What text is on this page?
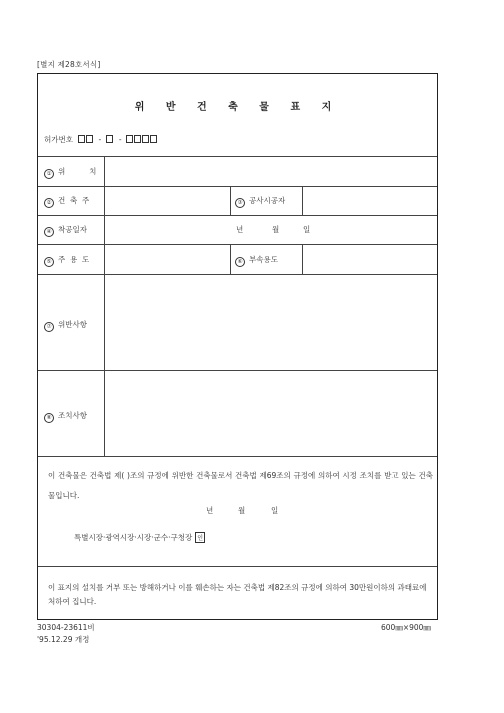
[별지 제28호서식]
위 반 건 축 물 표 지
허가번호	- -
① 위          치
② 건  축  주	③ 공사시공자
④ 착공일자	년	월	일
⑤ 주  용  도	⑥ 부속용도
⑦ 위반사항
⑧ 조치사항
이 건축물은 건축법 제( )조의 규정에 위반한 건축물로서 건축법 제69조의 규정에 의하여 시정 조치를 받고 있는 건축물입니다.
년	월	일
특별시장·광역시장·시장·군수·구청장 인
이 표지의 설치를 거부 또는 방해하거나 이를 훼손하는 자는 건축법 제82조의 규정에 의하여 30만원이하의 과태료에 처하여 집니다.
30304-23611비
'95.12.29 개정
600㎜×900㎜
